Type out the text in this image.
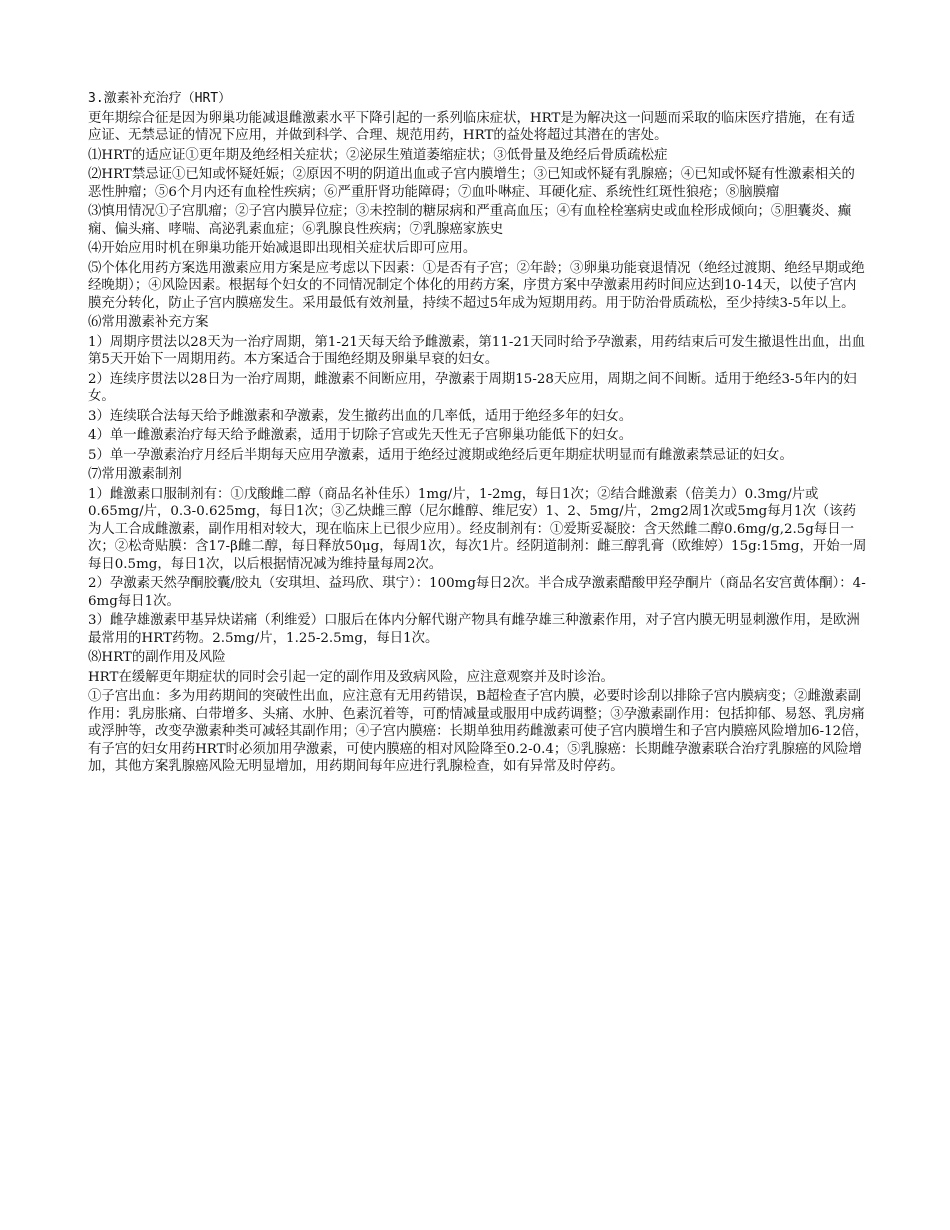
3.激素补充治疗（HRT）

更年期综合征是因为卵巢功能减退雌激素水平下降引起的一系列临床症状，HRT是为解决这一问题而采取的临床医疗措施，在有适应证、无禁忌证的情况下应用，并做到科学、合理、规范用药，HRT的益处将超过其潜在的害处。

⑴HRT的适应证①更年期及绝经相关症状；②泌尿生殖道萎缩症状；③低骨量及绝经后骨质疏松症

⑵HRT禁忌证①已知或怀疑妊娠；②原因不明的阴道出血或子宫内膜增生；③已知或怀疑有乳腺癌；④已知或怀疑有性激素相关的恶性肿瘤；⑤6个月内还有血栓性疾病；⑥严重肝肾功能障碍；⑦血卟啉症、耳硬化症、系统性红斑性狼疮；⑧脑膜瘤

⑶慎用情况①子宫肌瘤；②子宫内膜异位症；③未控制的糖尿病和严重高血压；④有血栓栓塞病史或血栓形成倾向；⑤胆囊炎、癫痫、偏头痛、哮喘、高泌乳素血症；⑥乳腺良性疾病；⑦乳腺癌家族史

⑷开始应用时机在卵巢功能开始减退即出现相关症状后即可应用。

⑸个体化用药方案选用激素应用方案是应考虑以下因素：①是否有子宫；②年龄；③卵巢功能衰退情况（绝经过渡期、绝经早期或绝经晚期）；④风险因素。根据每个妇女的不同情况制定个体化的用药方案，序贯方案中孕激素用药时间应达到10-14天，以使子宫内膜充分转化，防止子宫内膜癌发生。采用最低有效剂量，持续不超过5年成为短期用药。用于防治骨质疏松，至少持续3-5年以上。

⑹常用激素补充方案

1）周期序贯法以28天为一治疗周期，第1-21天每天给予雌激素，第11-21天同时给予孕激素，用药结束后可发生撤退性出血，出血第5天开始下一周期用药。本方案适合于围绝经期及卵巢早衰的妇女。

2）连续序贯法以28日为一治疗周期，雌激素不间断应用，孕激素于周期15-28天应用，周期之间不间断。适用于绝经3-5年内的妇女。

3）连续联合法每天给予雌激素和孕激素，发生撤药出血的几率低，适用于绝经多年的妇女。

4）单一雌激素治疗每天给予雌激素，适用于切除子宫或先天性无子宫卵巢功能低下的妇女。

5）单一孕激素治疗月经后半期每天应用孕激素，适用于绝经过渡期或绝经后更年期症状明显而有雌激素禁忌证的妇女。

⑺常用激素制剂

1）雌激素口服制剂有：①戊酸雌二醇（商品名补佳乐）1mg/片，1-2mg，每日1次；②结合雌激素（倍美力）0.3mg/片或0.65mg/片，0.3-0.625mg，每日1次；③乙炔雌三醇（尼尔雌醇、维尼安）1、2、5mg/片，2mg2周1次或5mg每月1次（该药为人工合成雌激素，副作用相对较大，现在临床上已很少应用）。经皮制剂有：①爱斯妥凝胶：含天然雌二醇0.6mg/g,2.5g每日一次；②松奇贴膜：含17-β雌二醇，每日释放50μg，每周1次，每次1片。经阴道制剂：雌三醇乳膏（欧维婷）15g:15mg，开始一周每日0.5mg，每日1次，以后根据情况减为维持量每周2次。

2）孕激素天然孕酮胶囊/胶丸（安琪坦、益玛欣、琪宁）：100mg每日2次。半合成孕激素醋酸甲羟孕酮片（商品名安宫黄体酮）：4-6mg每日1次。

3）雌孕雄激素甲基异炔诺痛（利维爱）口服后在体内分解代谢产物具有雌孕雄三种激素作用，对子宫内膜无明显刺激作用，是欧洲最常用的HRT药物。2.5mg/片，1.25-2.5mg，每日1次。

⑻HRT的副作用及风险

HRT在缓解更年期症状的同时会引起一定的副作用及致病风险，应注意观察并及时诊治。

①子宫出血：多为用药期间的突破性出血，应注意有无用药错误，B超检查子宫内膜，必要时诊刮以排除子宫内膜病变；②雌激素副作用：乳房胀痛、白带增多、头痛、水肿、色素沉着等，可酌情减量或服用中成药调整；③孕激素副作用：包括抑郁、易怒、乳房痛或浮肿等，改变孕激素种类可减轻其副作用；④子宫内膜癌：长期单独用药雌激素可使子宫内膜增生和子宫内膜癌风险增加6-12倍，有子宫的妇女用药HRT时必须加用孕激素，可使内膜癌的相对风险降至0.2-0.4；⑤乳腺癌：长期雌孕激素联合治疗乳腺癌的风险增加，其他方案乳腺癌风险无明显增加，用药期间每年应进行乳腺检查，如有异常及时停药。
